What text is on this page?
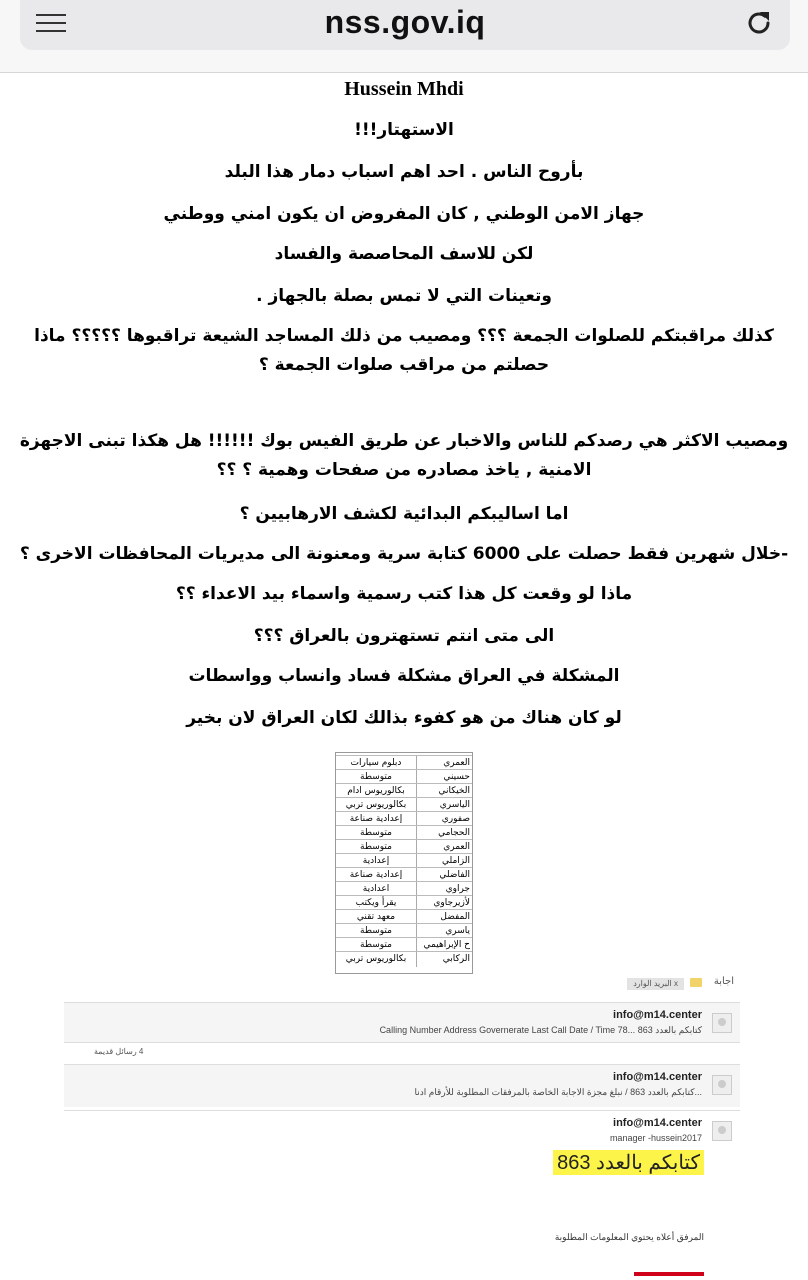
nss.gov.iq
Hussein Mhdi
الاستهتار!!!
بأروح الناس . احد اهم اسباب دمار هذا البلد
جهاز الامن الوطني , كان المفروض ان يكون امني ووطني
لكن للاسف المحاصصة والفساد
وتعينات التي لا تمس بصلة بالجهاز .
كذلك مراقبتكم للصلوات الجمعة ؟؟؟ ومصيب من ذلك المساجد الشيعة تراقبوها ؟؟؟؟؟ ماذا حصلتم من مراقب صلوات الجمعة ؟
ومصيب الاكثر هي رصدكم للناس والاخبار عن طريق الفيس بوك !!!!!! هل هكذا تبنى الاجهزة الامنية , ياخذ مصادره من صفحات وهمية ؟ ؟؟
اما اساليبكم البدائية لكشف الارهابيين ؟
-خلال شهرين فقط حصلت على 6000 كتابة سرية ومعنونة الى مديريات المحافظات الاخرى ؟
ماذا لو وقعت كل هذا كتب رسمية واسماء بيد الاعداء ؟؟
الى متى انتم تستهترون بالعراق ؟؟؟
المشكلة في العراق مشكلة فساد وانساب وواسطات
لو كان هناك من هو كفوء بذالك لكان العراق لان بخير
العمري
دبلوم سيارات
حسيني
متوسطة
الخيكاني
بكالوريوس ادام
الياسري
بكالوريوس تربي
صفوري
إعدادية صناعة
الحجامي
متوسطة
العمري
متوسطة
الزاملي
إعدادية
الفاضلي
إعدادية صناعة
جراوي
اعدادية
لأزيرجاوي
يقرأ ويكتب
المفضل
معهد تقني
ياسري
متوسطة
ح الإبراهيمي
متوسطة
الركابي
بكالوريوس تربي
اجابة
البريد الوارد x
info@m14.center
Calling Number Address Governerate Last Call Date / Time 78... كتابكم بالعدد 863
4 رسائل قديمة
info@m14.center
كتابكم بالعدد 863 / نبلغ مجزة الاجابة الخاصة بالمرفقات المطلوبة للأرقام ادنا...
info@m14.center
manager -hussein2017
كتابكم بالعدد 863
المرفق أعلاه يحتوي المعلومات المطلوبة
